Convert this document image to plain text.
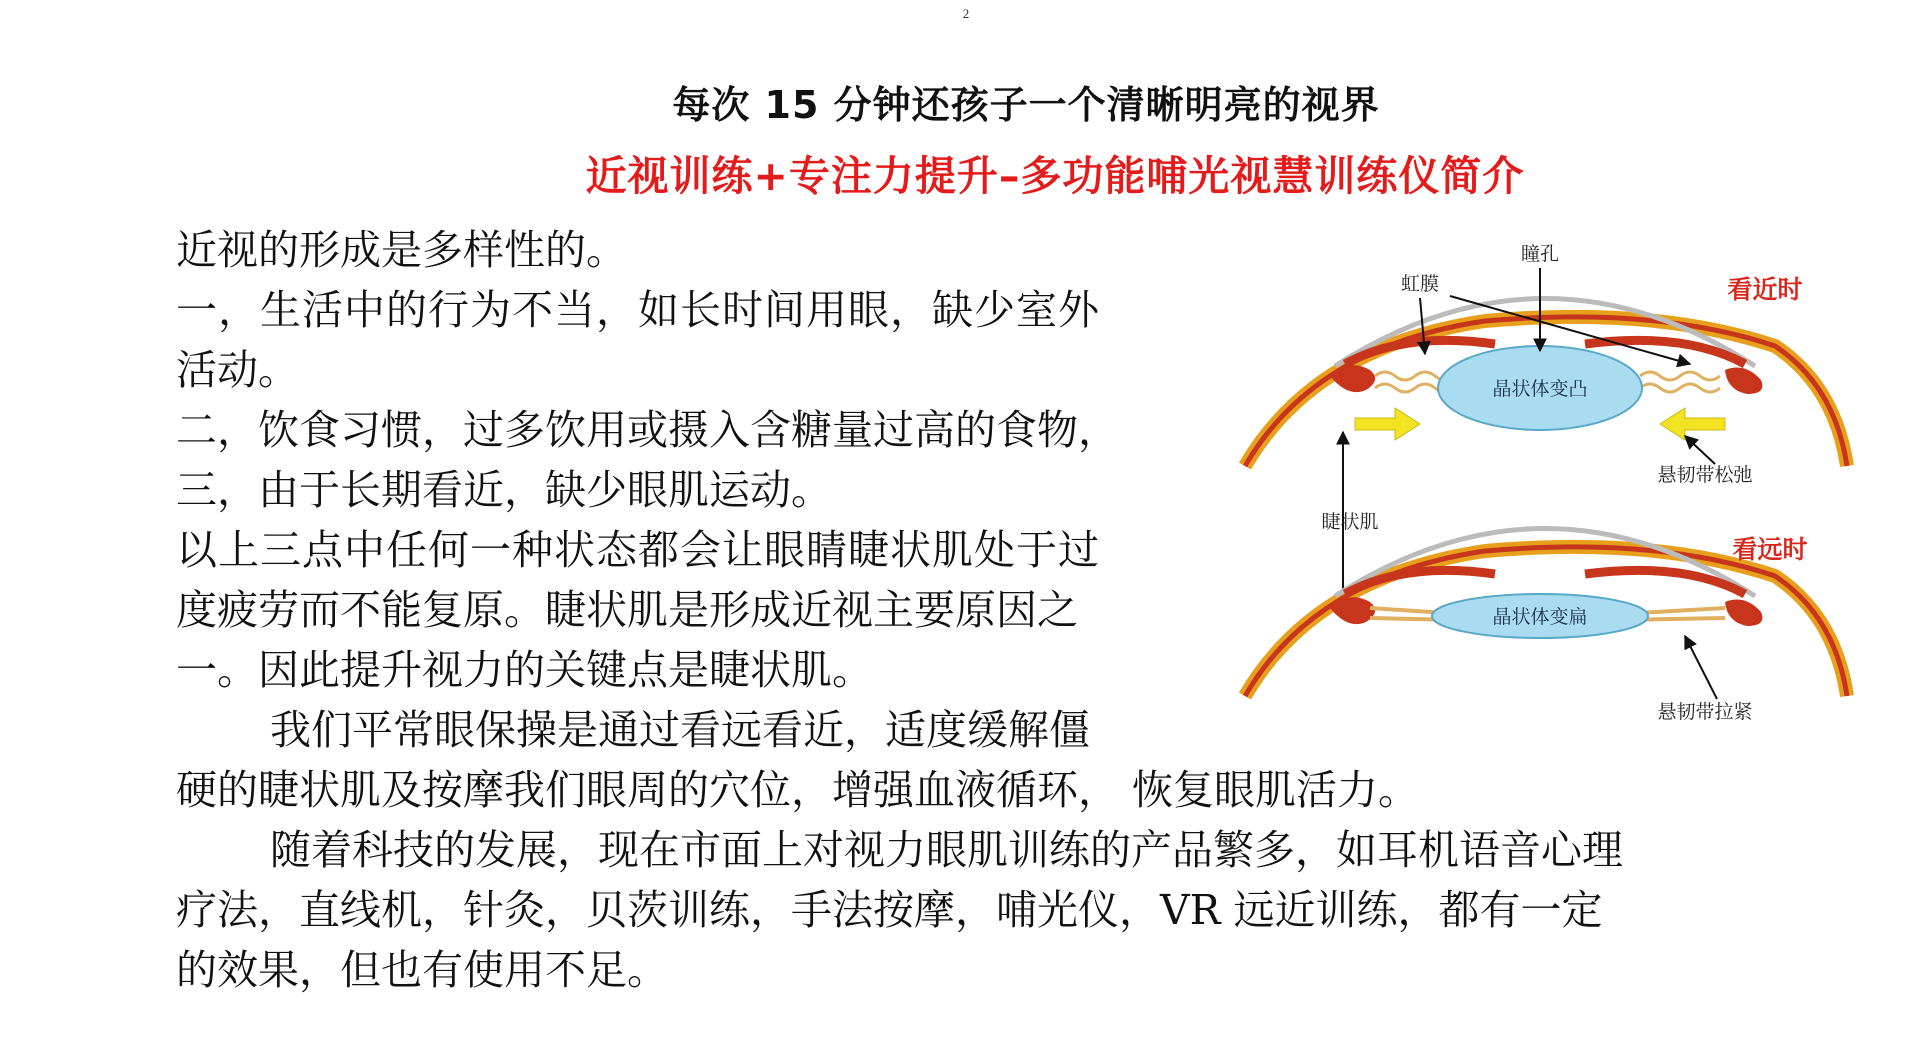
2
每次 15 分钟还孩子一个清晰明亮的视界
近视训练+专注力提升–多功能哺光视慧训练仪简介
近视的形成是多样性的。
一，生活中的行为不当，如长时间用眼，缺少室外
活动。
二，饮食习惯，过多饮用或摄入含糖量过高的食物，
三，由于长期看近，缺少眼肌运动。
以上三点中任何一种状态都会让眼睛睫状肌处于过
度疲劳而不能复原。睫状肌是形成近视主要原因之
一。因此提升视力的关键点是睫状肌。
我们平常眼保操是通过看远看近，适度缓解僵
硬的睫状肌及按摩我们眼周的穴位，增强血液循环， 恢复眼肌活力。
随着科技的发展，现在市面上对视力眼肌训练的产品繁多，如耳机语音心理
疗法，直线机，针灸，贝茨训练，手法按摩，哺光仪，VR 远近训练，都有一定
的效果，但也有使用不足。
晶状体变凸
虹膜
瞳孔
看近时
悬韧带松弛
睫状肌
晶状体变扁
看远时
悬韧带拉紧
